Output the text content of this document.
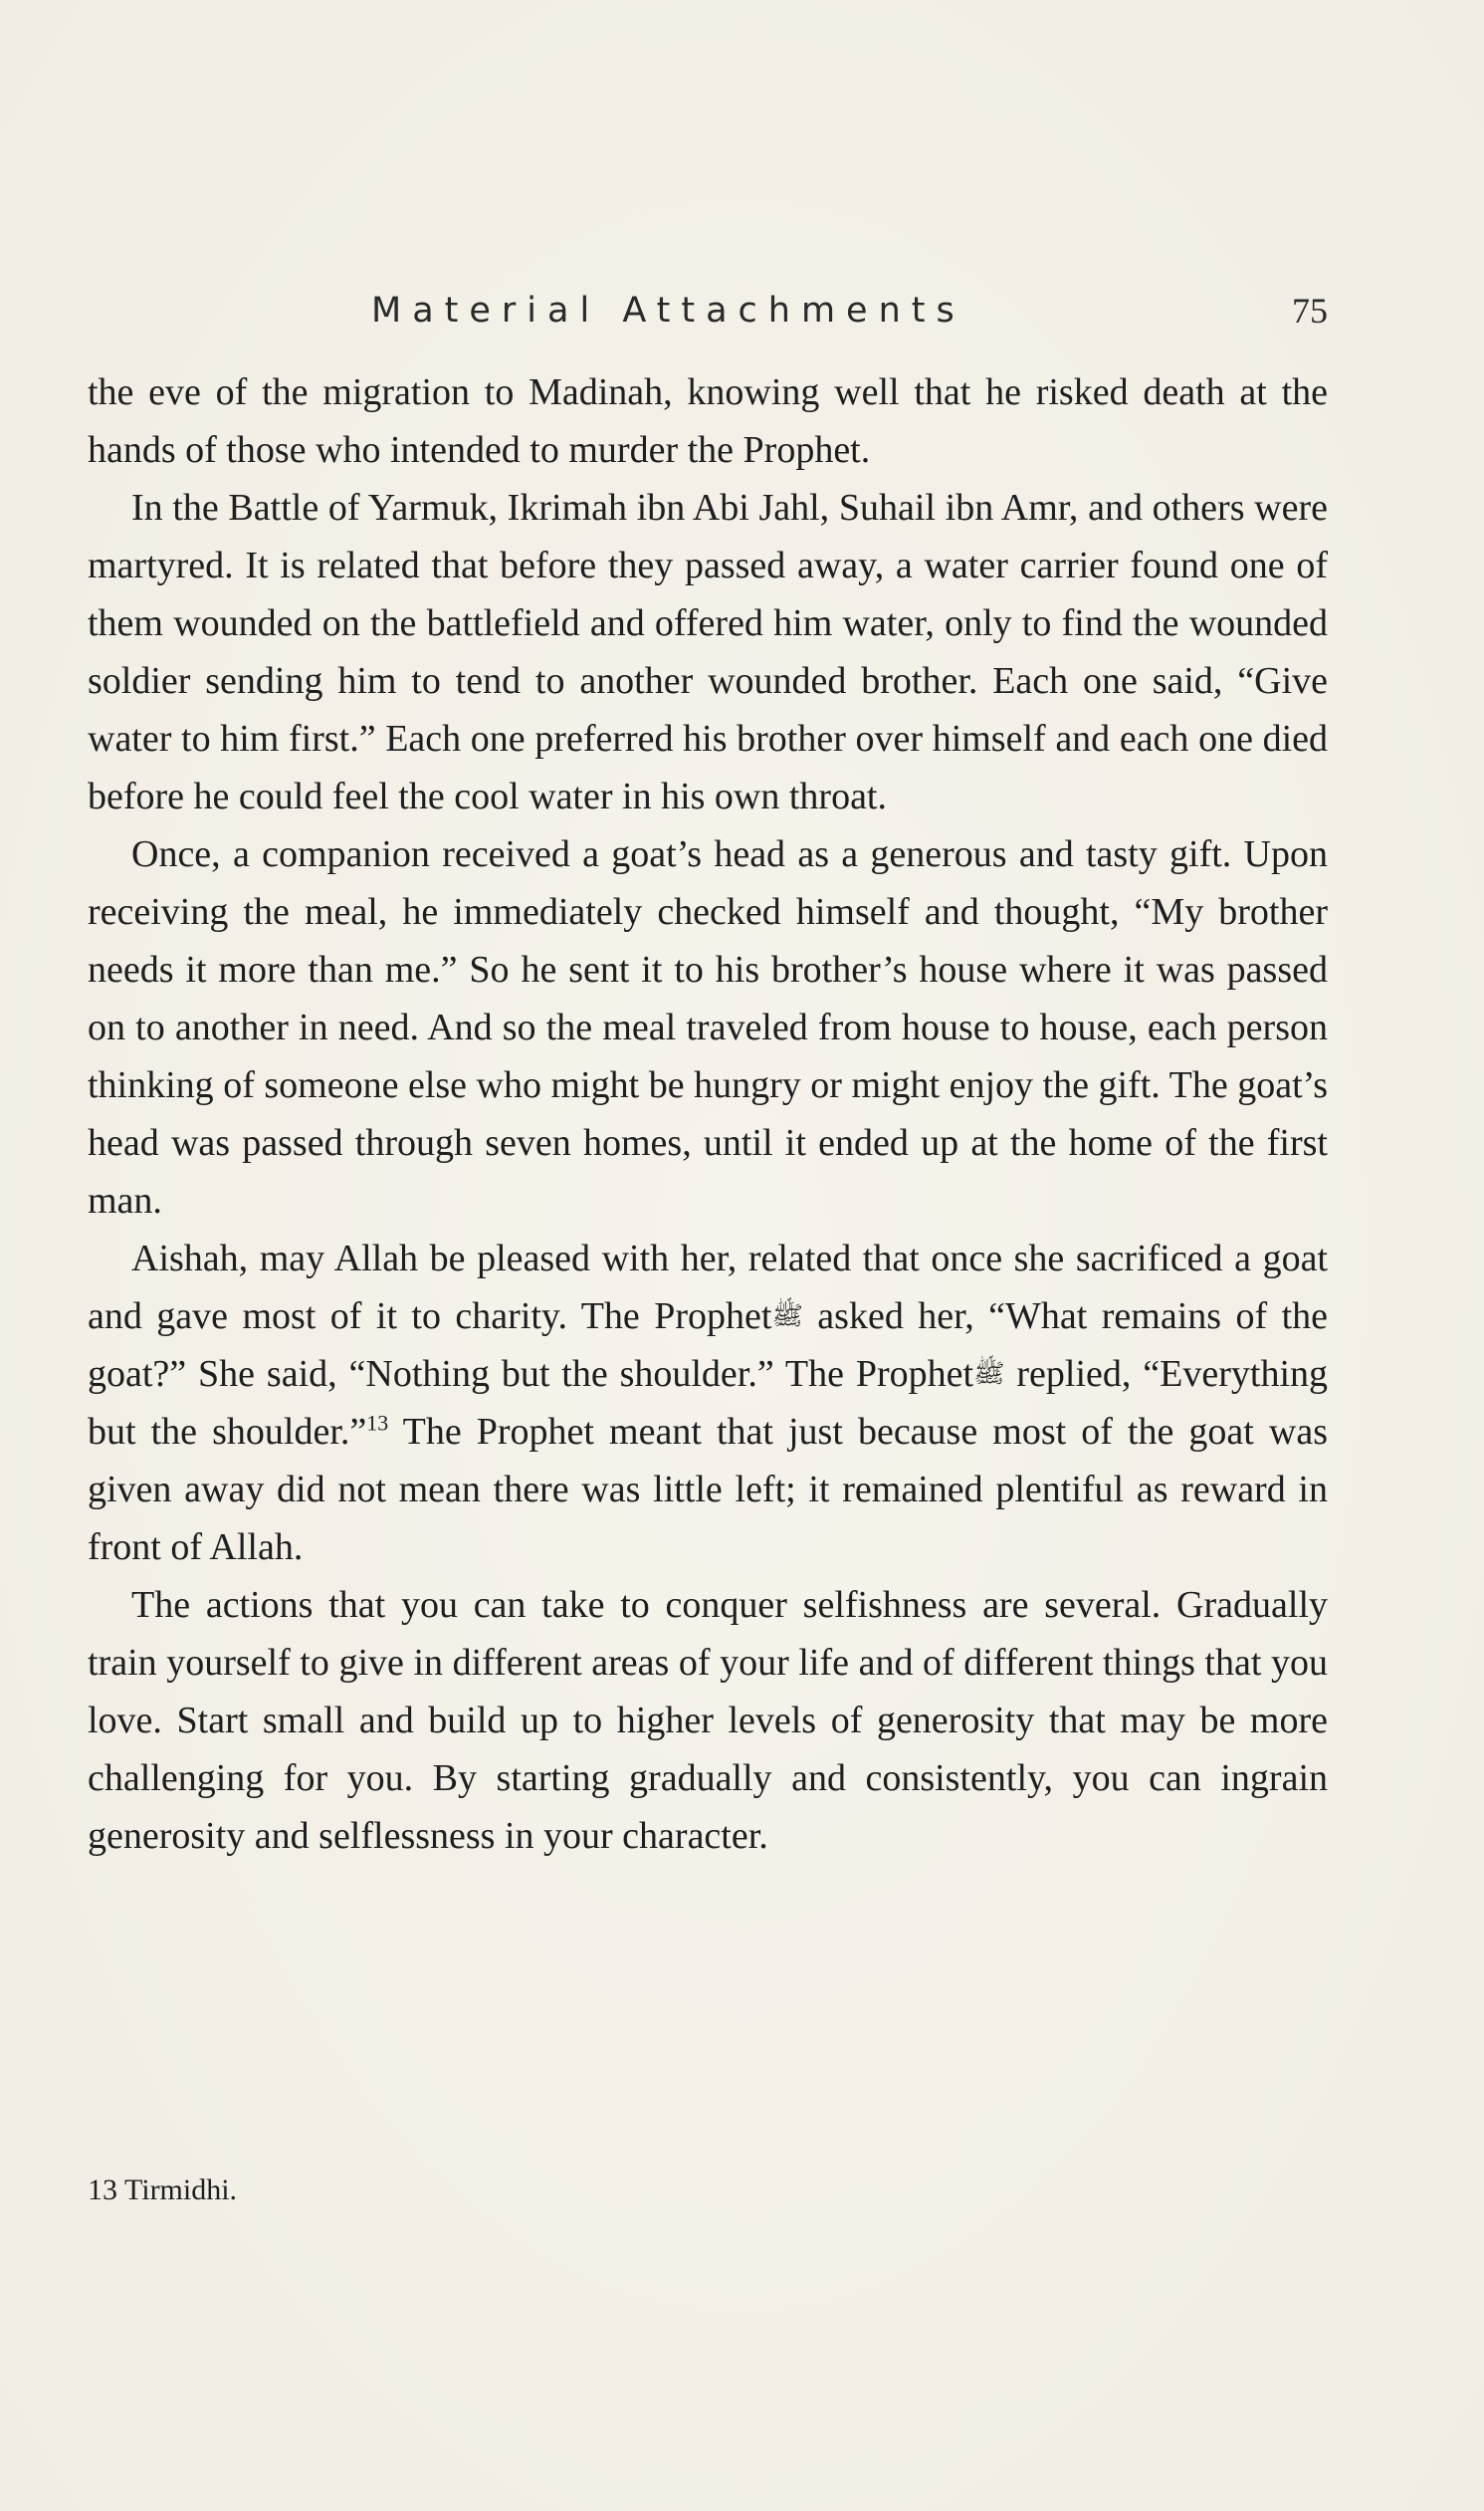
Material Attachments	75

the eve of the migration to Madinah, knowing well that he risked death at the hands of those who intended to murder the Prophet.

In the Battle of Yarmuk, Ikrimah ibn Abi Jahl, Suhail ibn Amr, and others were martyred. It is related that before they passed away, a water carrier found one of them wounded on the battlefield and offered him water, only to find the wounded soldier sending him to tend to another wounded brother. Each one said, “Give water to him first.” Each one preferred his brother over himself and each one died before he could feel the cool water in his own throat.

Once, a companion received a goat’s head as a generous and tasty gift. Upon receiving the meal, he immediately checked himself and thought, “My brother needs it more than me.” So he sent it to his brother’s house where it was passed on to another in need. And so the meal traveled from house to house, each person thinking of someone else who might be hungry or might enjoy the gift. The goat’s head was passed through seven homes, until it ended up at the home of the first man.

Aishah, may Allah be pleased with her, related that once she sacrificed a goat and gave most of it to charity. The Prophetﷺ asked her, “What remains of the goat?” She said, “Nothing but the shoulder.” The Prophetﷺ replied, “Everything but the shoulder.”$^{13}$ The Prophet meant that just because most of the goat was given away did not mean there was little left; it remained plentiful as reward in front of Allah.

The actions that you can take to conquer selfishness are several. Gradually train yourself to give in different areas of your life and of different things that you love. Start small and build up to higher levels of generosity that may be more challenging for you. By starting gradually and consistently, you can ingrain generosity and selflessness in your character.

13 Tirmidhi.
